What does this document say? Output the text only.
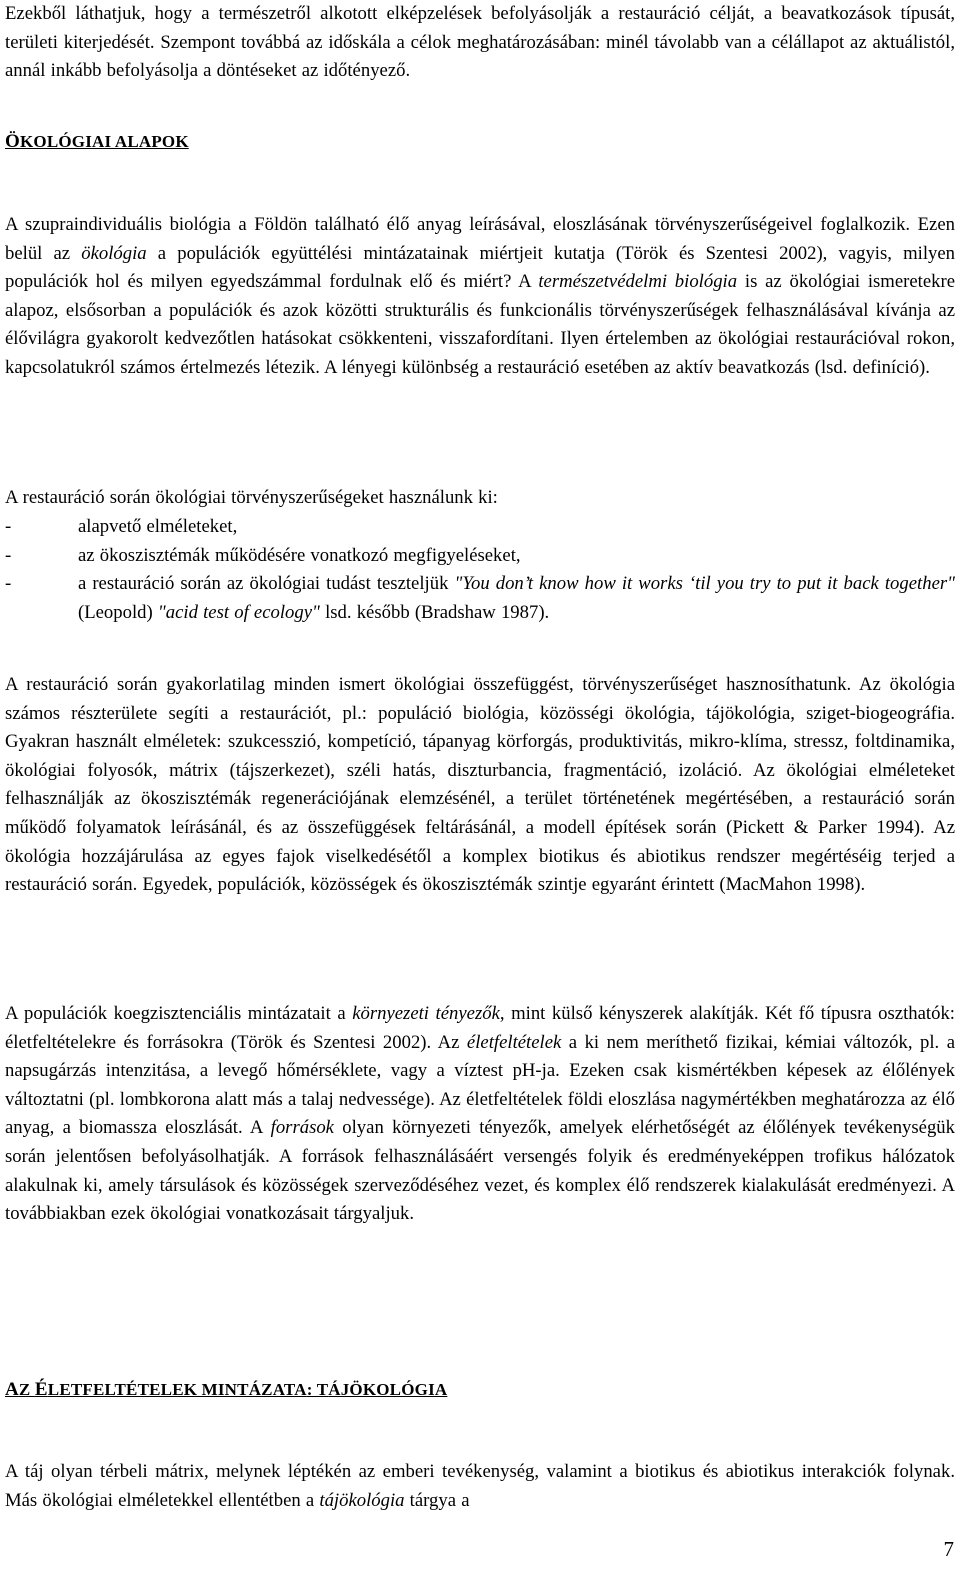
Ezekből láthatjuk, hogy a természetről alkotott elképzelések befolyásolják a restauráció célját, a beavatkozások típusát, területi kiterjedését. Szempont továbbá az időskála a célok meghatározásában: minél távolabb van a célállapot az aktuálistól, annál inkább befolyásolja a döntéseket az időtényező.

ÖKOLÓGIAI ALAPOK

A szupraindividuális biológia a Földön található élő anyag leírásával, eloszlásának törvényszerűségeivel foglalkozik. Ezen belül az ökológia a populációk együttélési mintázatainak miértjeit kutatja (Török és Szentesi 2002), vagyis, milyen populációk hol és milyen egyedszámmal fordulnak elő és miért? A természetvédelmi biológia is az ökológiai ismeretekre alapoz, elsősorban a populációk és azok közötti strukturális és funkcionális törvényszerűségek felhasználásával kívánja az élővilágra gyakorolt kedvezőtlen hatásokat csökkenteni, visszafordítani. Ilyen értelemben az ökológiai restaurációval rokon, kapcsolatukról számos értelmezés létezik. A lényegi különbség a restauráció esetében az aktív beavatkozás (lsd. definíció).

A restauráció során ökológiai törvényszerűségeket használunk ki:

-	alapvető elméleteket,
-	az ökoszisztémák működésére vonatkozó megfigyeléseket,
-	a restauráció során az ökológiai tudást teszteljük "You don’t know how it works ‘til you try to put it back together" (Leopold) "acid test of ecology" lsd. később (Bradshaw 1987).

A restauráció során gyakorlatilag minden ismert ökológiai összefüggést, törvényszerűséget hasznosíthatunk. Az ökológia számos részterülete segíti a restaurációt, pl.: populáció biológia, közösségi ökológia, tájökológia, sziget-biogeográfia. Gyakran használt elméletek: szukcesszió, kompetíció, tápanyag körforgás, produktivitás, mikro-klíma, stressz, foltdinamika, ökológiai folyosók, mátrix (tájszerkezet), széli hatás, diszturbancia, fragmentáció, izoláció. Az ökológiai elméleteket felhasználják az ökoszisztémák regenerációjának elemzésénél, a terület történetének megértésében, a restauráció során működő folyamatok leírásánál, és az összefüggések feltárásánál, a modell építések során (Pickett & Parker 1994). Az ökológia hozzájárulása az egyes fajok viselkedésétől a komplex biotikus és abiotikus rendszer megértéséig terjed a restauráció során. Egyedek, populációk, közösségek és ökoszisztémák szintje egyaránt érintett (MacMahon 1998).

A populációk koegzisztenciális mintázatait a környezeti tényezők, mint külső kényszerek alakítják. Két fő típusra oszthatók: életfeltételekre és forrásokra (Török és Szentesi 2002). Az életfeltételek a ki nem meríthető fizikai, kémiai változók, pl. a napsugárzás intenzitása, a levegő hőmérséklete, vagy a víztest pH-ja. Ezeken csak kismértékben képesek az élőlények változtatni (pl. lombkorona alatt más a talaj nedvessége). Az életfeltételek földi eloszlása nagymértékben meghatározza az élő anyag, a biomassza eloszlását. A források olyan környezeti tényezők, amelyek elérhetőségét az élőlények tevékenységük során jelentősen befolyásolhatják. A források felhasználásáért versengés folyik és eredményeképpen trofikus hálózatok alakulnak ki, amely társulások és közösségek szerveződéséhez vezet, és komplex élő rendszerek kialakulását eredményezi. A továbbiakban ezek ökológiai vonatkozásait tárgyaljuk.

AZ ÉLETFELTÉTELEK MINTÁZATA: TÁJÖKOLÓGIA

A táj olyan térbeli mátrix, melynek léptékén az emberi tevékenység, valamint a biotikus és abiotikus interakciók folynak. Más ökológiai elméletekkel ellentétben a tájökológia tárgya a

7
